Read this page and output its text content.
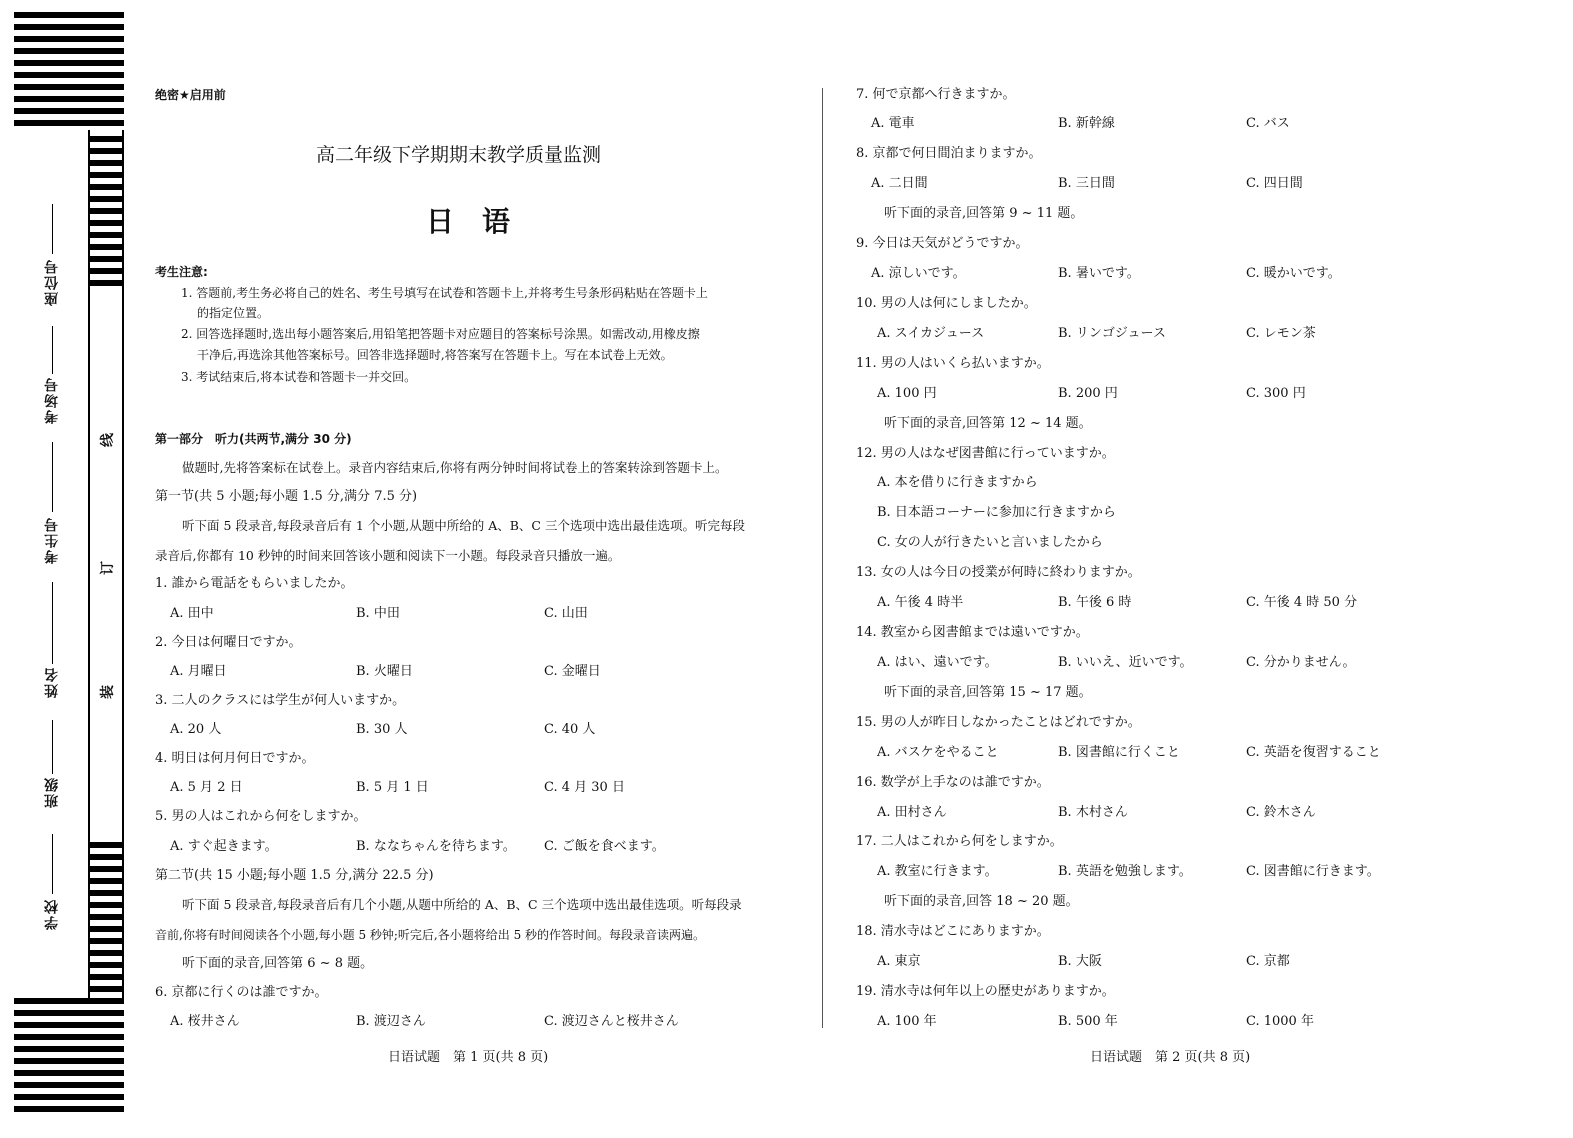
座位号
考场号
考生号
姓名
班级
学校
线
订
装
绝密★启用前
高二年级下学期期末教学质量监测
日　语
考生注意:
1. 答题前,考生务必将自己的姓名、考生号填写在试卷和答题卡上,并将考生号条形码粘贴在答题卡上
的指定位置。
2. 回答选择题时,选出每小题答案后,用铅笔把答题卡对应题目的答案标号涂黑。如需改动,用橡皮擦
干净后,再选涂其他答案标号。回答非选择题时,将答案写在答题卡上。写在本试卷上无效。
3. 考试结束后,将本试卷和答题卡一并交回。
第一部分　听力(共两节,满分 30 分)
做题时,先将答案标在试卷上。录音内容结束后,你将有两分钟时间将试卷上的答案转涂到答题卡上。
第一节(共 5 小题;每小题 1.5 分,满分 7.5 分)
听下面 5 段录音,每段录音后有 1 个小题,从题中所给的 A、B、C 三个选项中选出最佳选项。听完每段
录音后,你都有 10 秒钟的时间来回答该小题和阅读下一小题。每段录音只播放一遍。
1. 誰から電話をもらいましたか。
A. 田中	B. 中田	C. 山田
2. 今日は何曜日ですか。
A. 月曜日	B. 火曜日	C. 金曜日
3. 二人のクラスには学生が何人いますか。
A. 20 人	B. 30 人	C. 40 人
4. 明日は何月何日ですか。
A. 5 月 2 日	B. 5 月 1 日	C. 4 月 30 日
5. 男の人はこれから何をしますか。
A. すぐ起きます。	B. ななちゃんを待ちます。 C. ご飯を食べます。
第二节(共 15 小题;每小题 1.5 分,满分 22.5 分)
听下面 5 段录音,每段录音后有几个小题,从题中所给的 A、B、C 三个选项中选出最佳选项。听每段录
音前,你将有时间阅读各个小题,每小题 5 秒钟;听完后,各小题将给出 5 秒的作答时间。每段录音读两遍。
听下面的录音,回答第 6 ~ 8 题。
6. 京都に行くのは誰ですか。
A. 桜井さん	B. 渡辺さん	C. 渡辺さんと桜井さん
日语试题　第 1 页(共 8 页)
7. 何で京都へ行きますか。
A. 電車	B. 新幹線	C. バス
8. 京都で何日間泊まりますか。
A. 二日間	B. 三日間	C. 四日間
听下面的录音,回答第 9 ~ 11 题。
9. 今日は天気がどうですか。
A. 涼しいです。	B. 暑いです。	C. 暖かいです。
10. 男の人は何にしましたか。
A. スイカジュース	B. リンゴジュース	C. レモン茶
11. 男の人はいくら払いますか。
A. 100 円	B. 200 円	C. 300 円
听下面的录音,回答第 12 ~ 14 题。
12. 男の人はなぜ図書館に行っていますか。
A. 本を借りに行きますから
B. 日本語コーナーに参加に行きますから
C. 女の人が行きたいと言いましたから
13. 女の人は今日の授業が何時に終わりますか。
A. 午後 4 時半	B. 午後 6 時	C. 午後 4 時 50 分
14. 教室から図書館までは遠いですか。
A. はい、遠いです。	B. いいえ、近いです。	C. 分かりません。
听下面的录音,回答第 15 ~ 17 题。
15. 男の人が昨日しなかったことはどれですか。
A. バスケをやること	B. 図書館に行くこと	C. 英語を復習すること
16. 数学が上手なのは誰ですか。
A. 田村さん	B. 木村さん	C. 鈴木さん
17. 二人はこれから何をしますか。
A. 教室に行きます。	B. 英語を勉強します。	C. 図書館に行きます。
听下面的录音,回答 18 ~ 20 题。
18. 清水寺はどこにありますか。
A. 東京	B. 大阪	C. 京都
19. 清水寺は何年以上の歴史がありますか。
A. 100 年	B. 500 年	C. 1000 年
日语试题　第 2 页(共 8 页)
